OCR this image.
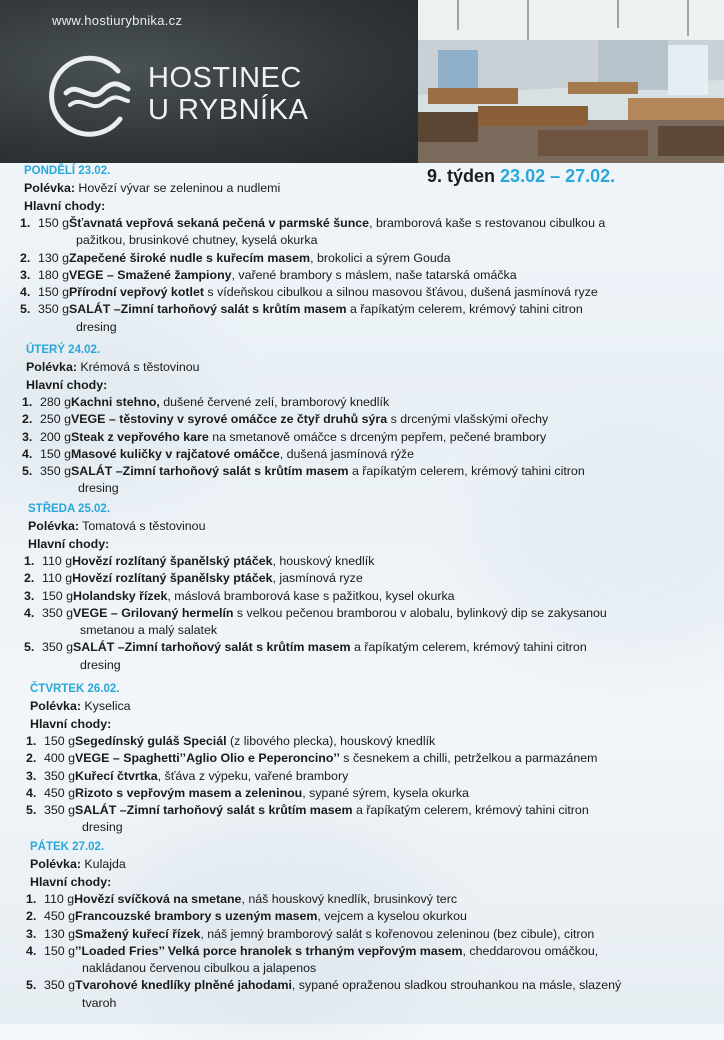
www.hostiurybnika.cz
HOSTINEC
U RYBNÍKA
9. týden 23.02 – 27.02.
PONDĚLÍ 23.02.
Polévka: Hovězí vývar se zeleninou a nudlemi
Hlavní chody:
1. 150 gŠťavnatá vepřová sekaná pečená v parmské šunce, bramborová kaše s restovanou cibulkou a
pažitkou, brusinkové chutney, kyselá okurka
2. 130 gZapečené široké nudle s kuřecím masem, brokolici a sýrem Gouda
3. 180 gVEGE – Smažené žampiony, vařené brambory s máslem, naše tatarská omáčka
4. 150 gPřírodní vepřový kotlet s vídeňskou cibulkou a silnou masovou šťávou, dušená jasmínová ryze
5. 350 gSALÁT –Zimní tarhoňový salát s krůtím masem a řapíkatým celerem, krémový tahini citron
dresing
ÚTERÝ 24.02.
Polévka: Krémová s těstovinou
Hlavní chody:
1. 280 gKachni stehno, dušené červené zelí, bramborový knedlík
2. 250 gVEGE – těstoviny v syrové omáčce ze čtyř druhů sýra s drcenými vlašskými ořechy
3. 200 gSteak z vepřového kare na smetanově omáčce s drceným pepřem, pečené brambory
4. 150 gMasové kuličky v rajčatové omáčce, dušená jasmínová rýže
5. 350 gSALÁT –Zimní tarhoňový salát s krůtím masem a řapíkatým celerem, krémový tahini citron
dresing
STŘEDA 25.02.
Polévka: Tomatová s těstovinou
Hlavní chody:
1. 110 gHovězí rozlítaný španělský ptáček, houskový knedlík
2. 110 gHovězí rozlítaný španělsky ptáček, jasmínová ryze
3. 150 gHolandsky řízek, máslová bramborová kase s pažitkou, kysel okurka
4. 350 gVEGE – Grilovaný hermelín s velkou pečenou bramborou v alobalu, bylinkový dip se zakysanou
smetanou a malý salatek
5. 350 gSALÁT –Zimní tarhoňový salát s krůtím masem a řapíkatým celerem, krémový tahini citron
dresing
ČTVRTEK 26.02.
Polévka: Kyselica
Hlavní chody:
1. 150 gSegedínský guláš Speciál (z libového plecka), houskový knedlík
2. 400 gVEGE – Spaghetti’’Aglio Olio e Peperoncino’’ s česnekem a chilli, petrželkou a parmazánem
3. 350 gKuřecí čtvrtka, šťáva z výpeku, vařené brambory
4. 450 gRizoto s vepřovým masem a zeleninou, sypané sýrem, kysela okurka
5. 350 gSALÁT –Zimní tarhoňový salát s krůtím masem a řapíkatým celerem, krémový tahini citron
dresing
PÁTEK 27.02.
Polévka: Kulajda
Hlavní chody:
1. 110 gHovězí svíčková na smetane, náš houskový knedlík, brusinkový terc
2. 450 gFrancouzské brambory s uzeným masem, vejcem a kyselou okurkou
3. 130 gSmažený kuřecí řízek, náš jemný bramborový salát s kořenovou zeleninou (bez cibule), citron
4. 150 g’’Loaded Fries’’ Velká porce hranolek s trhaným vepřovým masem, cheddarovou omáčkou,
nakládanou červenou cibulkou a jalapenos
5. 350 gTvarohové knedlíky plněné jahodami, sypané opraženou sladkou strouhankou na másle, slazený
tvaroh
